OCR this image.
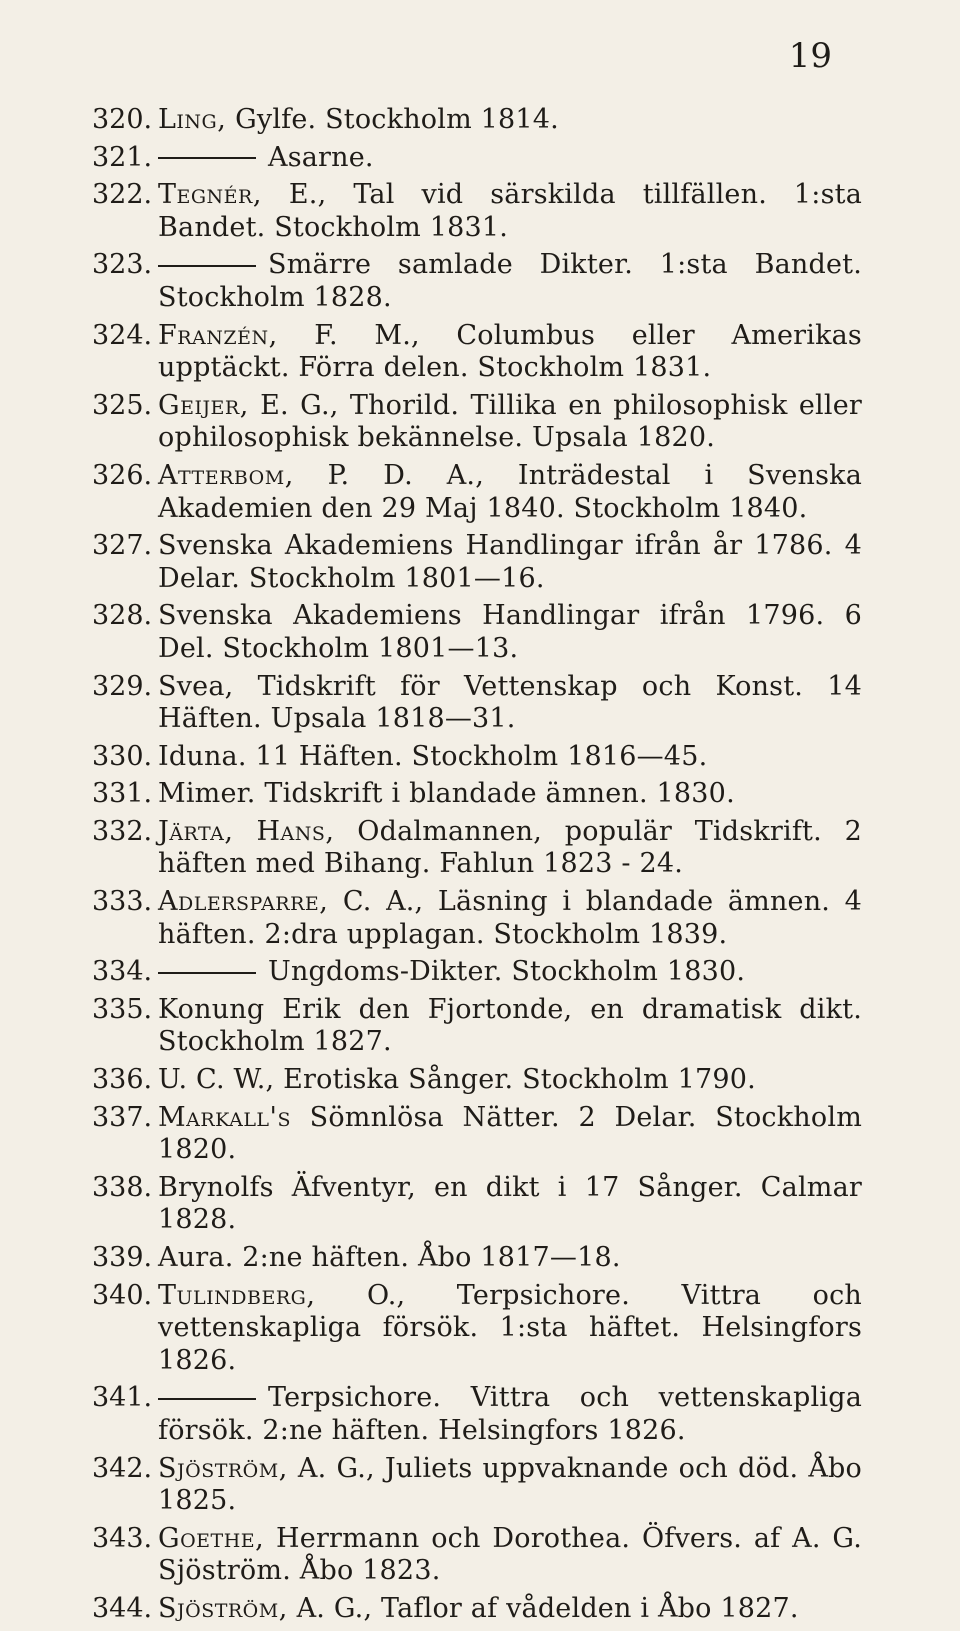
19
320. Ling, Gylfe. Stockholm 1814.
321.	Asarne.
322. Tegnér, E., Tal vid särskilda tillfällen. 1:sta Bandet. Stockholm 1831.
323.	Smärre samlade Dikter. 1:sta Bandet. Stockholm 1828.
324. Franzén, F. M., Columbus eller Amerikas upptäckt. Förra delen. Stockholm 1831.
325. Geijer, E. G., Thorild. Tillika en philosophisk eller ophilosophisk bekännelse. Upsala 1820.
326. Atterbom, P. D. A., Inträdestal i Svenska Akademien den 29 Maj 1840. Stockholm 1840.
327. Svenska Akademiens Handlingar ifrån år 1786. 4 Delar. Stockholm 1801—16.
328. Svenska Akademiens Handlingar ifrån 1796. 6 Del. Stockholm 1801—13.
329. Svea, Tidskrift för Vettenskap och Konst. 14 Häften. Upsala 1818—31.
330. Iduna. 11 Häften. Stockholm 1816—45.
331. Mimer. Tidskrift i blandade ämnen. 1830.
332. Järta, Hans, Odalmannen, populär Tidskrift. 2 häften med Bihang. Fahlun 1823 - 24.
333. Adlersparre, C. A., Läsning i blandade ämnen. 4 häften. 2:dra upplagan. Stockholm 1839.
334.	Ungdoms-Dikter. Stockholm 1830.
335. Konung Erik den Fjortonde, en dramatisk dikt. Stockholm 1827.
336. U. C. W., Erotiska Sånger. Stockholm 1790.
337. Markall's Sömnlösa Nätter. 2 Delar. Stockholm 1820.
338. Brynolfs Äfventyr, en dikt i 17 Sånger. Calmar 1828.
339. Aura. 2:ne häften. Åbo 1817—18.
340. Tulindberg, O., Terpsichore. Vittra och vettenskapliga försök. 1:sta häftet. Helsingfors 1826.
341.	Terpsichore. Vittra och vettenskapliga försök. 2:ne häften. Helsingfors 1826.
342. Sjöström, A. G., Juliets uppvaknande och död. Åbo 1825.
343. Goethe, Herrmann och Dorothea. Öfvers. af A. G. Sjöström. Åbo 1823.
344. Sjöström, A. G., Taflor af vådelden i Åbo 1827.
